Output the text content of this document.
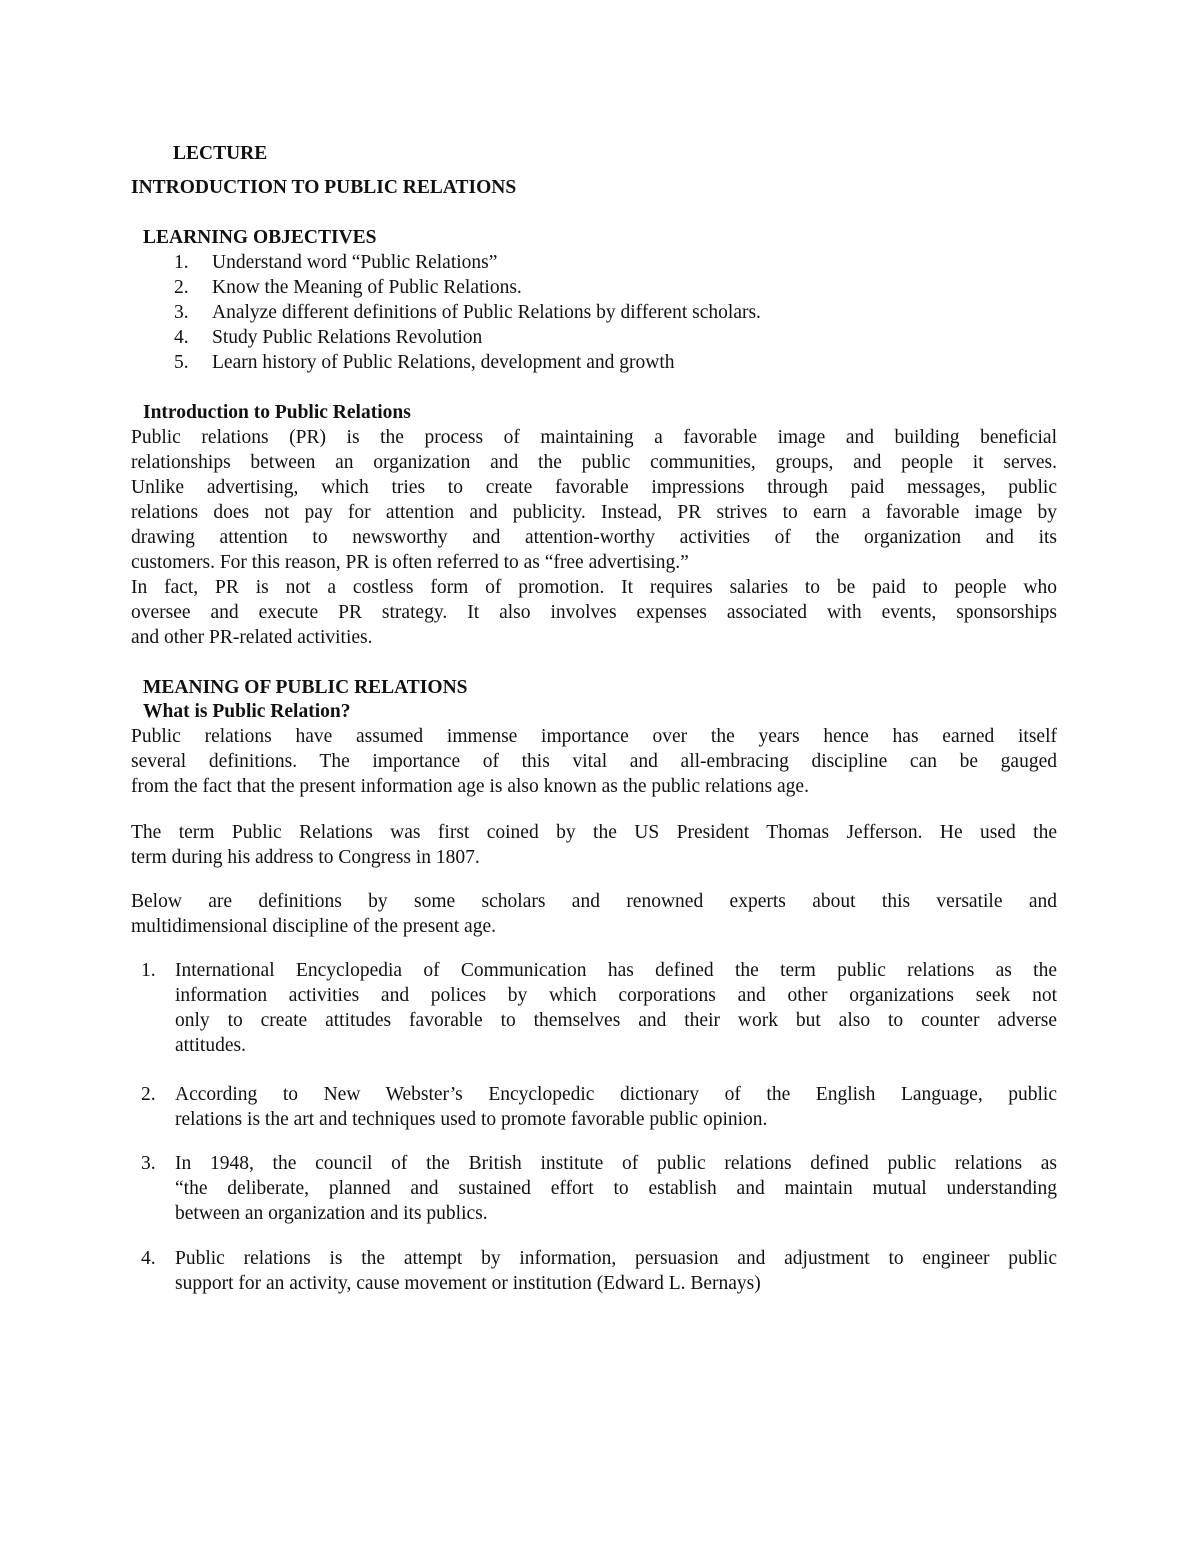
LECTURE
INTRODUCTION TO PUBLIC RELATIONS
LEARNING OBJECTIVES
1. Understand word “Public Relations”
2. Know the Meaning of Public Relations.
3. Analyze different definitions of Public Relations by different scholars.
4. Study Public Relations Revolution
5. Learn history of Public Relations, development and growth
Introduction to Public Relations
Public relations (PR) is the process of maintaining a favorable image and building beneficial
relationships between an organization and the public communities, groups, and people it serves.
Unlike advertising, which tries to create favorable impressions through paid messages, public
relations does not pay for attention and publicity. Instead, PR strives to earn a favorable image by
drawing attention to newsworthy and attention-worthy activities of the organization and its
customers. For this reason, PR is often referred to as “free advertising.”
In fact, PR is not a costless form of promotion. It requires salaries to be paid to people who
oversee and execute PR strategy. It also involves expenses associated with events, sponsorships
and other PR-related activities.
MEANING OF PUBLIC RELATIONS
What is Public Relation?
Public relations have assumed immense importance over the years hence has earned itself
several definitions. The importance of this vital and all-embracing discipline can be gauged
from the fact that the present information age is also known as the public relations age.
The term Public Relations was first coined by the US President Thomas Jefferson. He used the
term during his address to Congress in 1807.
Below are definitions by some scholars and renowned experts about this versatile and
multidimensional discipline of the present age.
1. International Encyclopedia of Communication has defined the term public relations as the
information activities and polices by which corporations and other organizations seek not
only to create attitudes favorable to themselves and their work but also to counter adverse
attitudes.
2. According to New Webster’s Encyclopedic dictionary of the English Language, public
relations is the art and techniques used to promote favorable public opinion.
3. In 1948, the council of the British institute of public relations defined public relations as
“the deliberate, planned and sustained effort to establish and maintain mutual understanding
between an organization and its publics.
4. Public relations is the attempt by information, persuasion and adjustment to engineer public
support for an activity, cause movement or institution (Edward L. Bernays)
